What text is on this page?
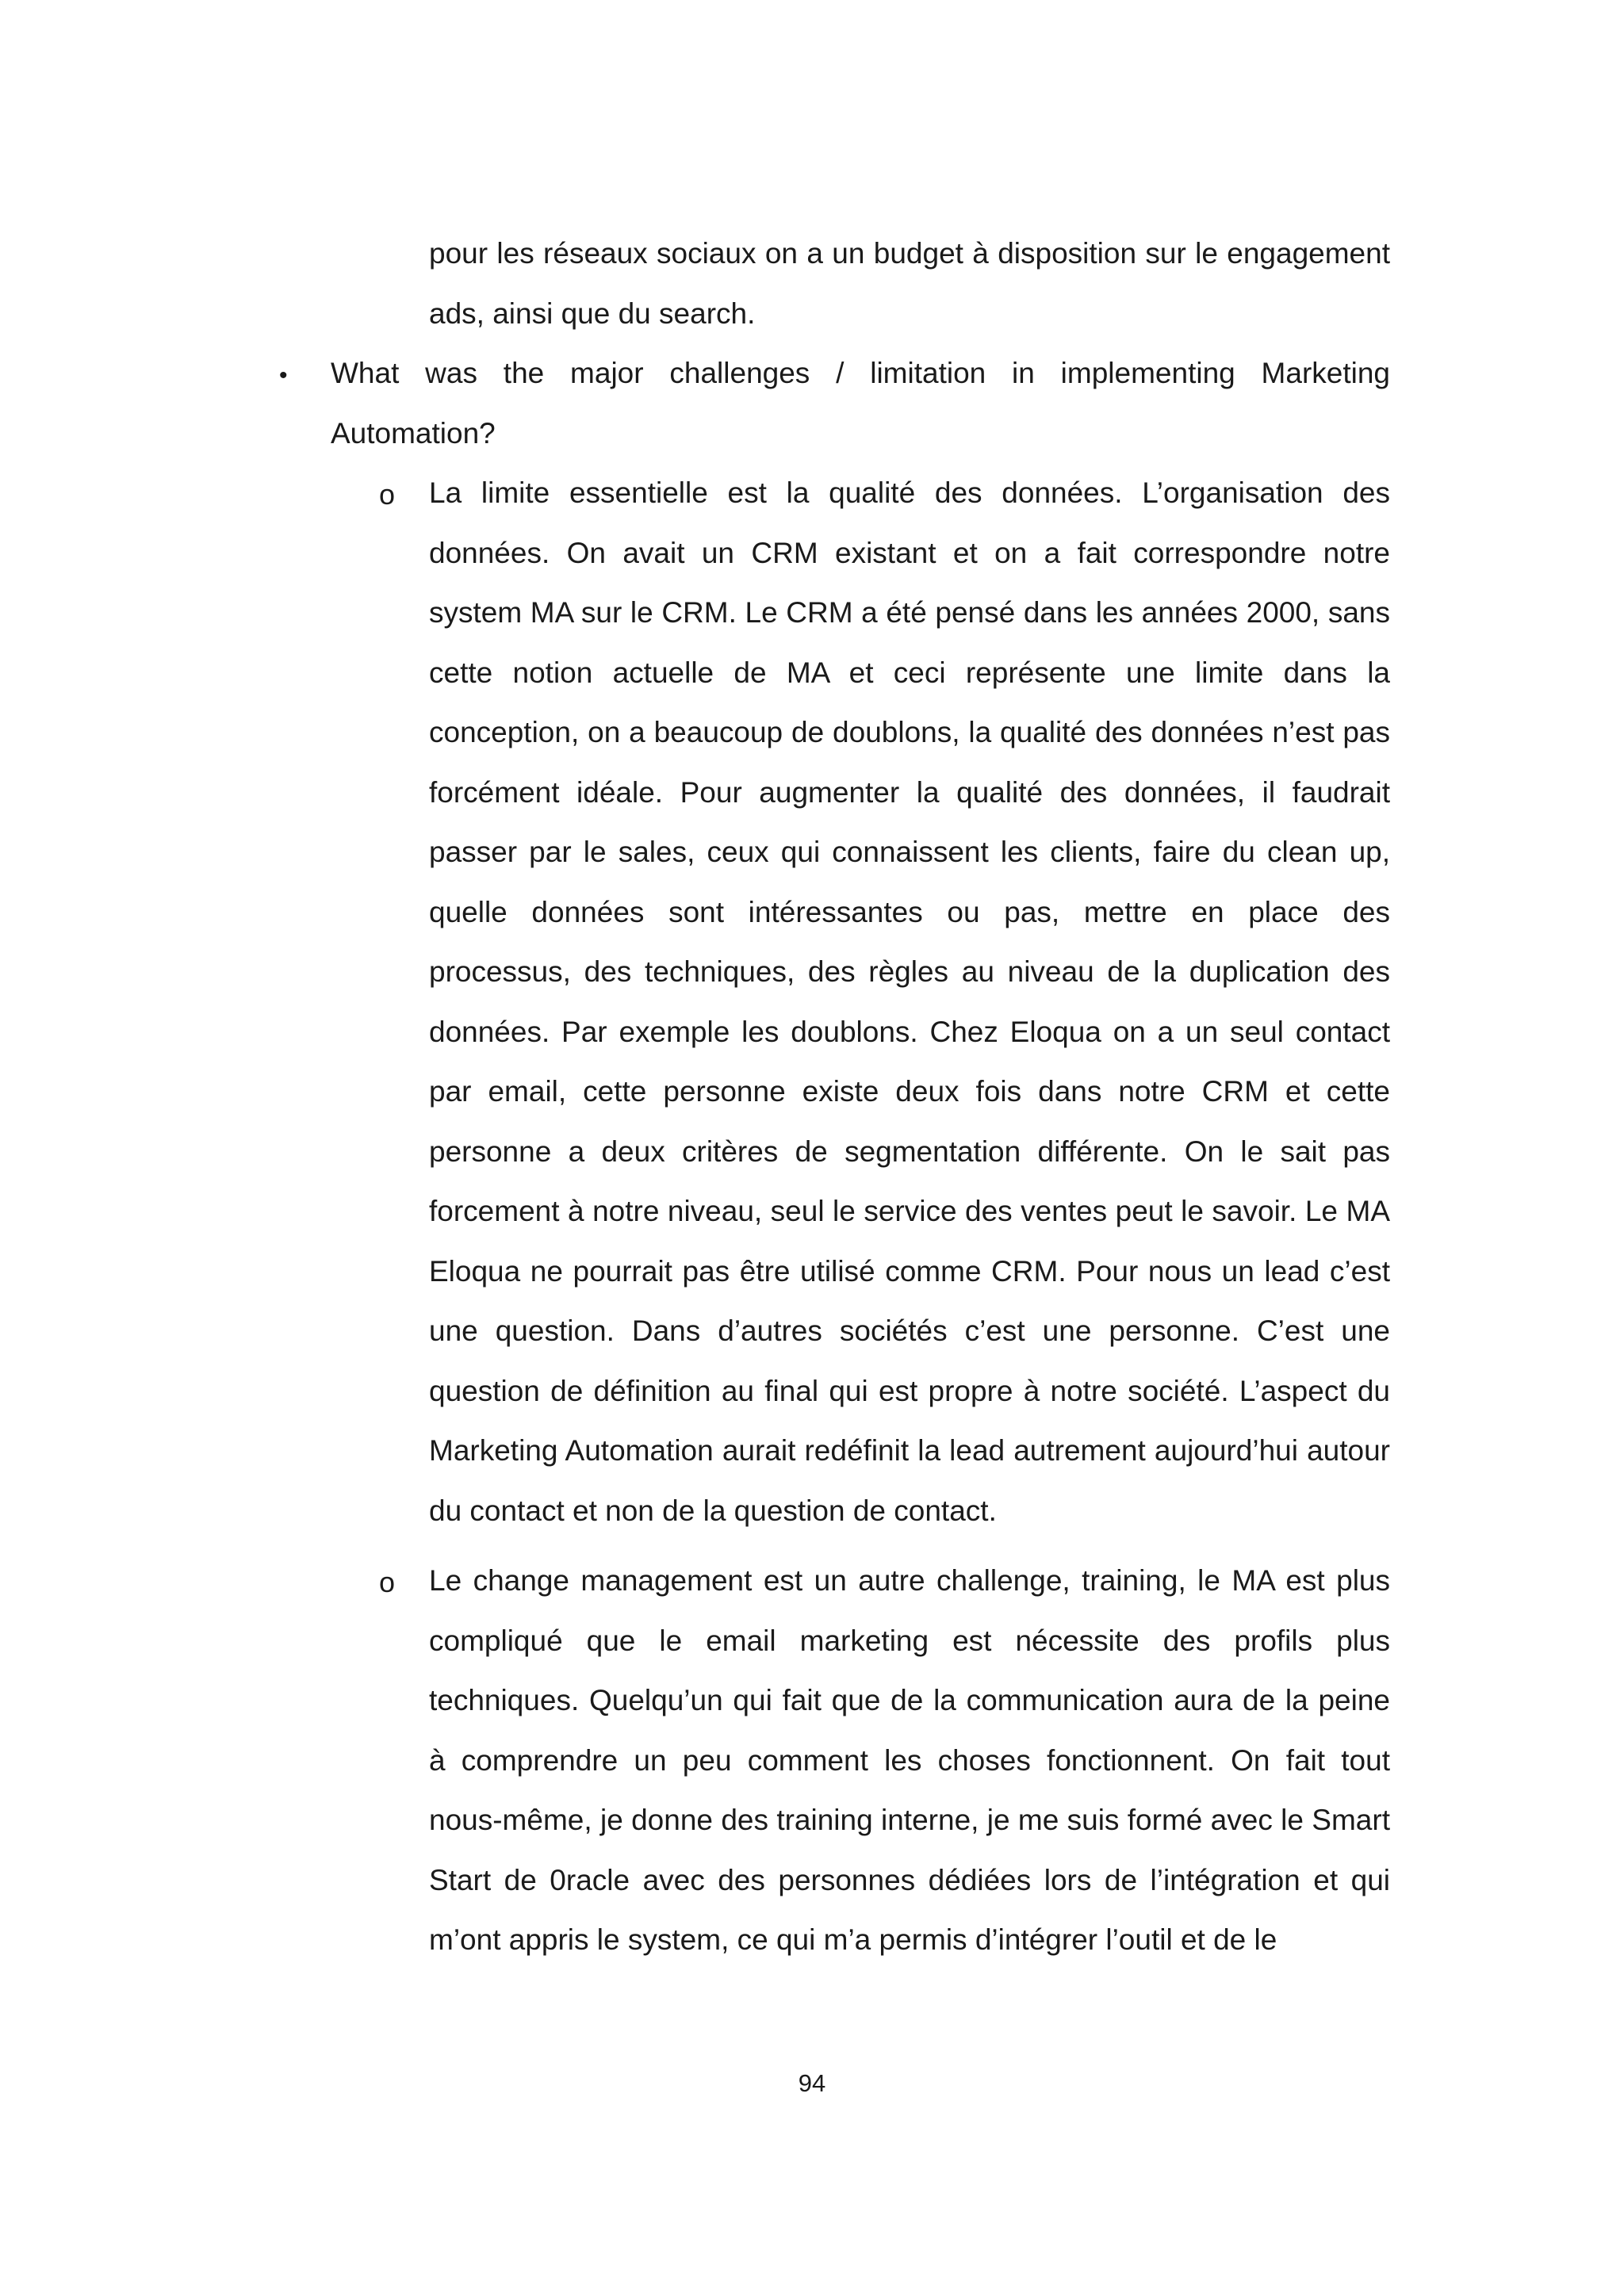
pour les réseaux sociaux on a un budget à disposition sur le engagement ads, ainsi que du search.

• What was the major challenges / limitation in implementing Marketing Automation?

o La limite essentielle est la qualité des données. L’organisation des données. On avait un CRM existant et on a fait correspondre notre system MA sur le CRM. Le CRM a été pensé dans les années 2000, sans cette notion actuelle de MA et ceci représente une limite dans la conception, on a beaucoup de doublons, la qualité des données n’est pas forcément idéale. Pour augmenter la qualité des données, il faudrait passer par le sales, ceux qui connaissent les clients, faire du clean up, quelle données sont intéressantes ou pas, mettre en place des processus, des techniques, des règles au niveau de la duplication des données. Par exemple les doublons. Chez Eloqua on a un seul contact par email, cette personne existe deux fois dans notre CRM et cette personne a deux critères de segmentation différente. On le sait pas forcement à notre niveau, seul le service des ventes peut le savoir. Le MA Eloqua ne pourrait pas être utilisé comme CRM. Pour nous un lead c’est une question. Dans d’autres sociétés c’est une personne. C’est une question de définition au final qui est propre à notre société. L’aspect du Marketing Automation aurait redéfinit la lead autrement aujourd’hui autour du contact et non de la question de contact.

o Le change management est un autre challenge, training, le MA est plus compliqué que le email marketing est nécessite des profils plus techniques. Quelqu’un qui fait que de la communication aura de la peine à comprendre un peu comment les choses fonctionnent. On fait tout nous-même, je donne des training interne, je me suis formé avec le Smart Start de 0racle avec des personnes dédiées lors de l’intégration et qui m’ont appris le system, ce qui m’a permis d’intégrer l’outil et de le

94
